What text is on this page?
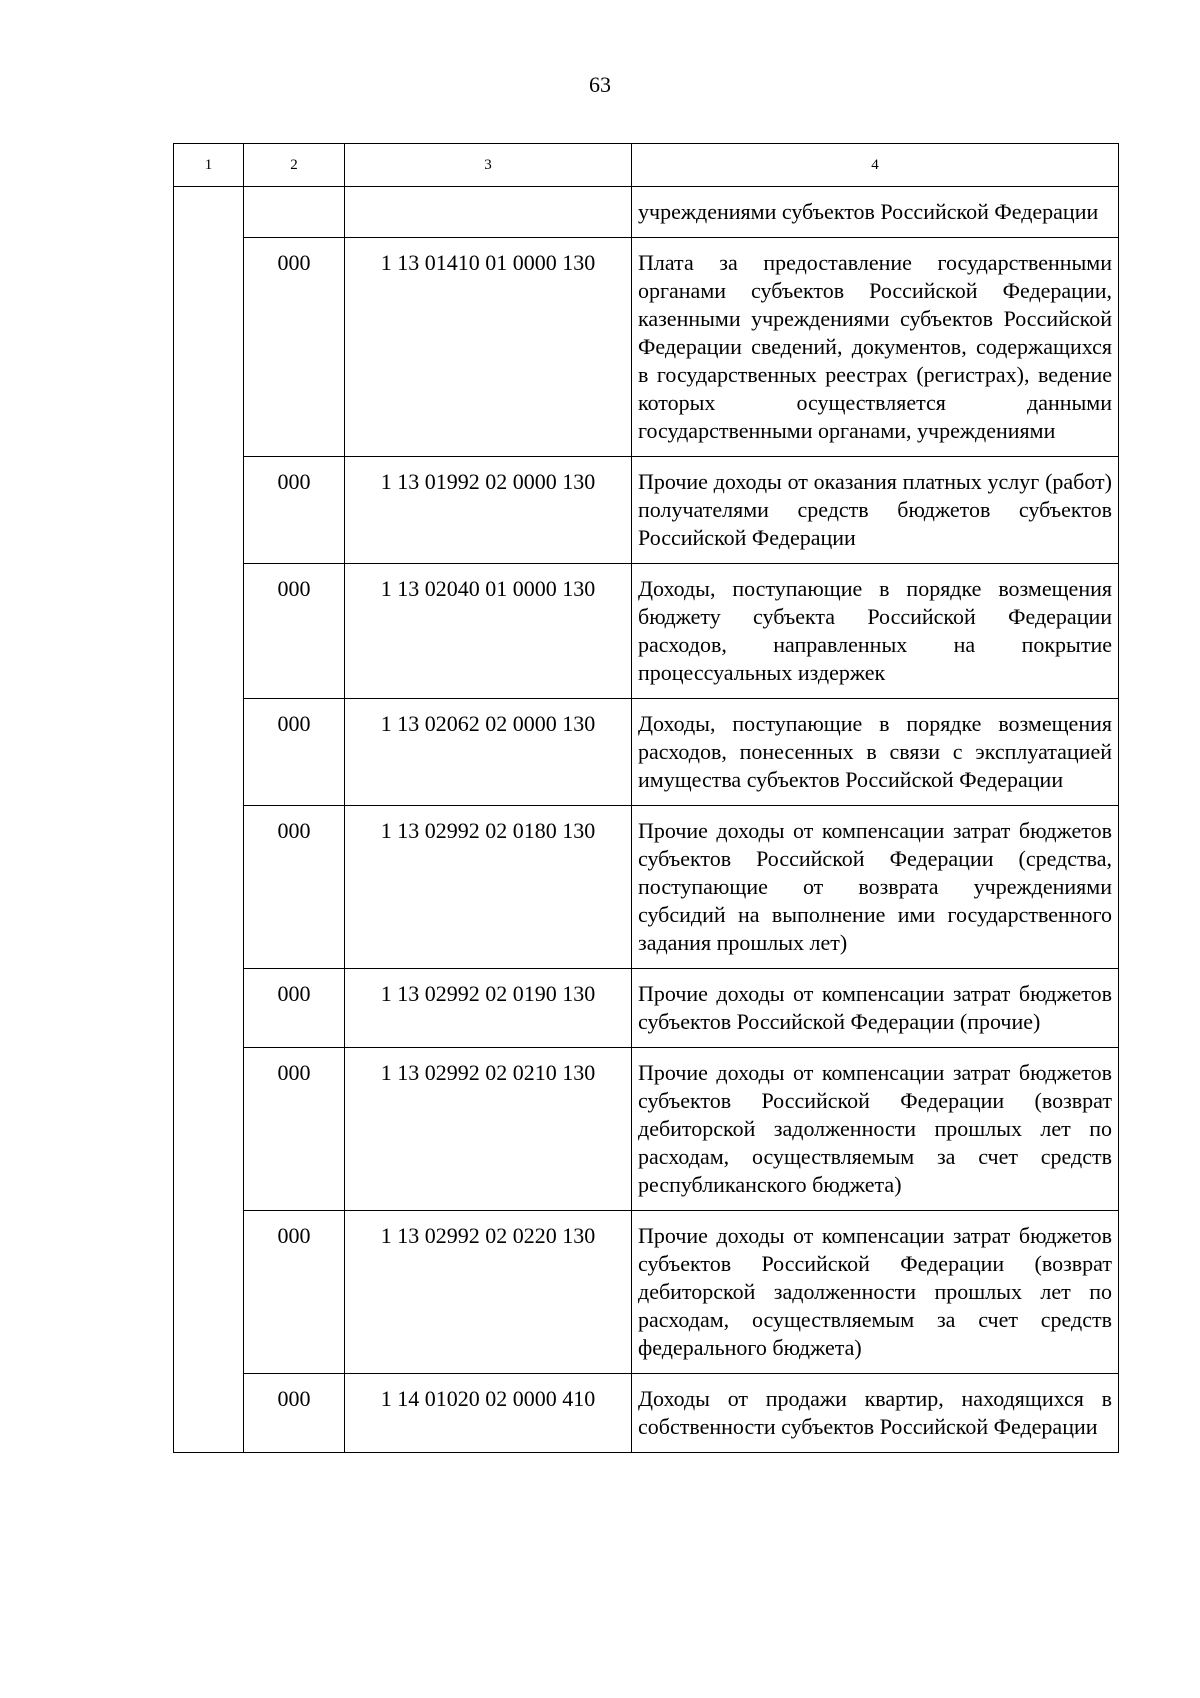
63
1	2	3	4
			учреждениями субъектов Российской Федерации
	000	1 13 01410 01 0000 130	Плата за предоставление государственными органами субъектов Российской Федерации, казенными учреждениями субъектов Российской Федерации сведений, документов, содержащихся в государственных реестрах (регистрах), ведение которых осуществляется данными государственными органами, учреждениями
	000	1 13 01992 02 0000 130	Прочие доходы от оказания платных услуг (работ) получателями средств бюджетов субъектов Российской Федерации
	000	1 13 02040 01 0000 130	Доходы, поступающие в порядке возмещения бюджету субъекта Российской Федерации расходов, направленных на покрытие процессуальных издержек
	000	1 13 02062 02 0000 130	Доходы, поступающие в порядке возмещения расходов, понесенных в связи с эксплуатацией имущества субъектов Российской Федерации
	000	1 13 02992 02 0180 130	Прочие доходы от компенсации затрат бюджетов субъектов Российской Федерации (средства, поступающие от возврата учреждениями субсидий на выполнение ими государственного задания прошлых лет)
	000	1 13 02992 02 0190 130	Прочие доходы от компенсации затрат бюджетов субъектов Российской Федерации (прочие)
	000	1 13 02992 02 0210 130	Прочие доходы от компенсации затрат бюджетов субъектов Российской Федерации (возврат дебиторской задолженности прошлых лет по расходам, осуществляемым за счет средств республиканского бюджета)
	000	1 13 02992 02 0220 130	Прочие доходы от компенсации затрат бюджетов субъектов Российской Федерации (возврат дебиторской задолженности прошлых лет по расходам, осуществляемым за счет средств федерального бюджета)
	000	1 14 01020 02 0000 410	Доходы от продажи квартир, находящихся в собственности субъектов Российской Федерации
